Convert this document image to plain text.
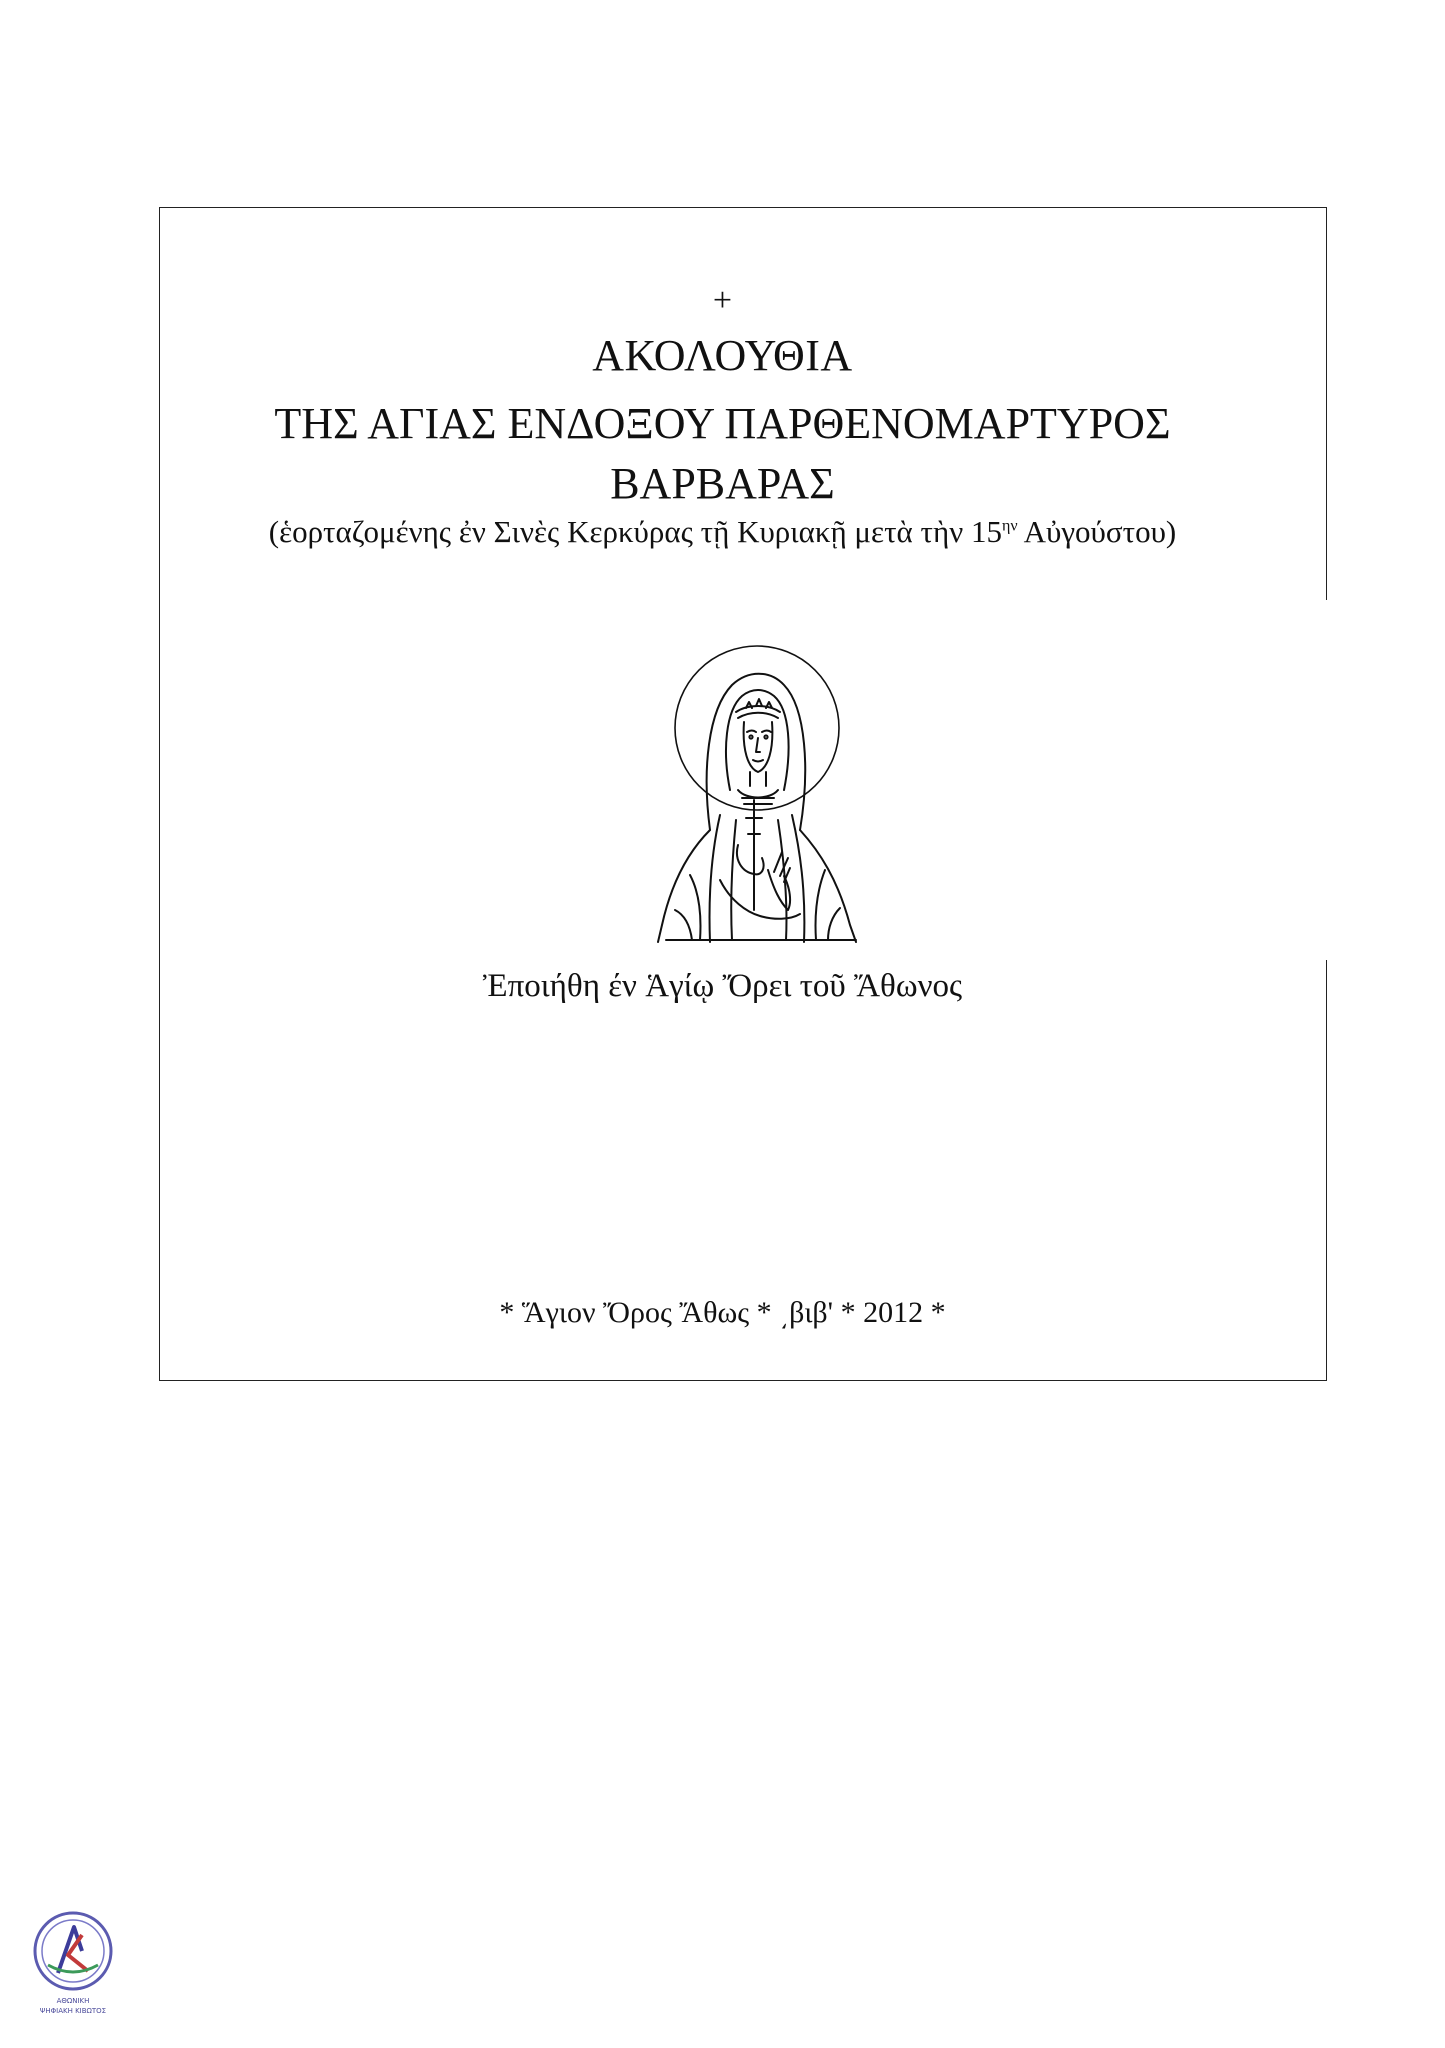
+
ΑΚΟΛΟΥΘΙΑ
ΤΗΣ ΑΓΙΑΣ ΕΝΔΟΞΟΥ ΠΑΡΘΕΝΟΜΑΡΤΥΡΟΣ
ΒΑΡΒΑΡΑΣ
(ἑορταζομένης ἐν Σινὲς Κερκύρας τῇ Κυριακῇ μετὰ τὴν $15^{\eta\nu}$ Αὐγούστου)
Ἐποιήθη έν Ἁγίῳ Ὄρει τοῦ Ἄθωνος
* Ἅγιον Ὄρος Ἄθως * ͵βιβ' * 2012 *
ΑΘΩΝΙΚΗ
ΨΗΦΙΑΚΗ ΚΙΒΩΤΟΣ
